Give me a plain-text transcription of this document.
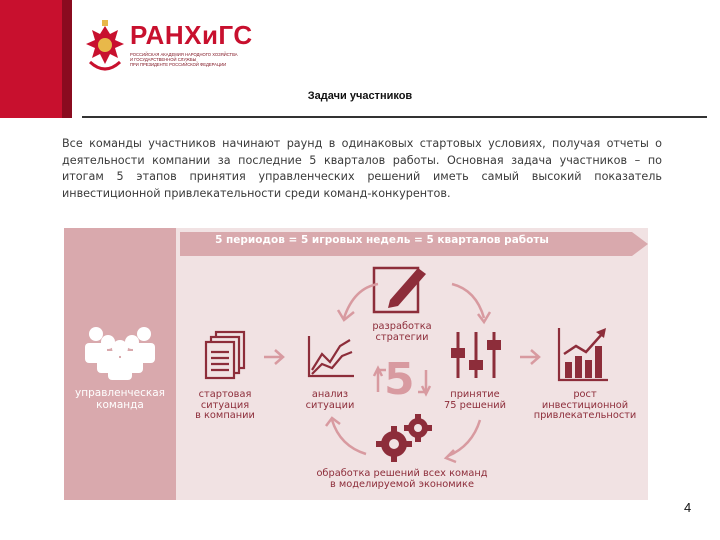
РАНХиГС
РОССИЙСКАЯ АКАДЕМИЯ НАРОДНОГО ХОЗЯЙСТВА
И ГОСУДАРСТВЕННОЙ СЛУЖБЫ
ПРИ ПРЕЗИДЕНТЕ РОССИЙСКОЙ ФЕДЕРАЦИИ
Задачи участников
Все команды участников начинают раунд в одинаковых стартовых условиях, получая отчеты о деятельности компании за последние 5 кварталов работы. Основная задача участников – по итогам 5 этапов принятия управленческих решений иметь самый высокий показатель инвестиционной привлекательности среди команд-конкурентов.
5 периодов = 5 игровых недель = 5 кварталов работы
управленческая
команда
стартовая
ситуация
в компании
анализ
ситуации
разработка
стратегии
5	принятие
75 решений
рост
инвестиционной
привлекательности
обработка решений всех команд
в моделируемой экономике
4
